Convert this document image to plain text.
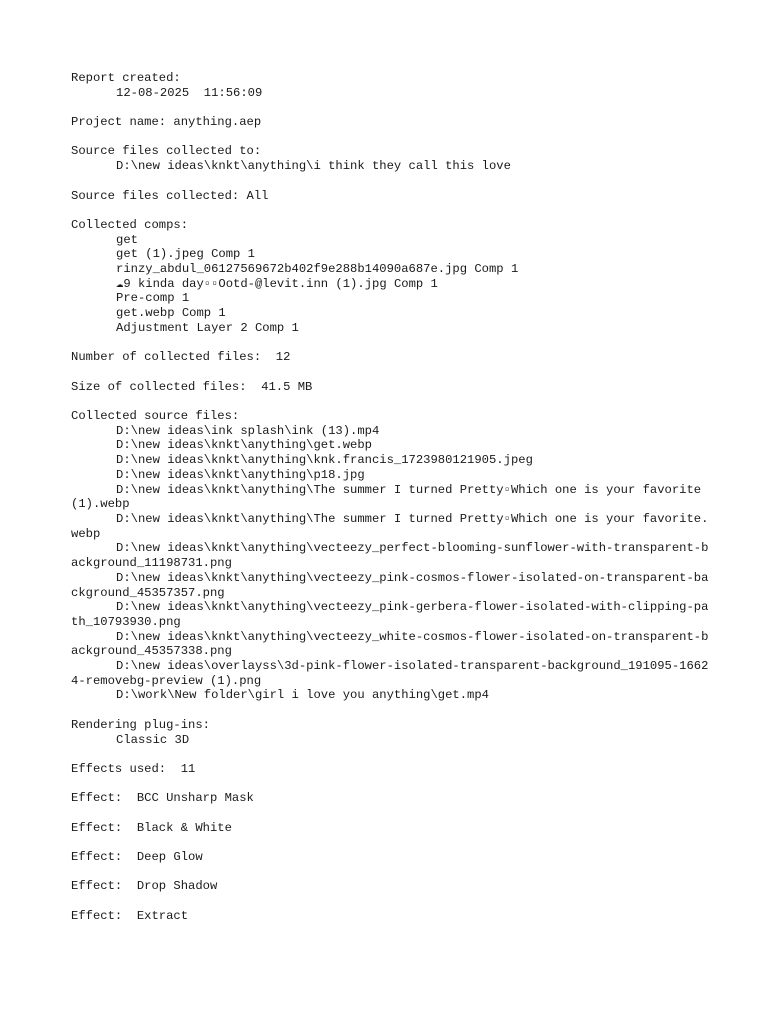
Report created:
12-08-2025  11:56:09
Project name: anything.aep
Source files collected to:
D:\new ideas\knkt\anything\i think they call this love
Source files collected: All
Collected comps:
get
get (1).jpeg Comp 1
rinzy_abdul_06127569672b402f9e288b14090a687e.jpg Comp 1
☁9 kinda day▫▫Ootd-@levit.inn (1).jpg Comp 1
Pre-comp 1
get.webp Comp 1
Adjustment Layer 2 Comp 1
Number of collected files:  12
Size of collected files:  41.5 MB
Collected source files:
D:\new ideas\ink splash\ink (13).mp4
D:\new ideas\knkt\anything\get.webp
D:\new ideas\knkt\anything\knk.francis_1723980121905.jpeg
D:\new ideas\knkt\anything\p18.jpg
D:\new ideas\knkt\anything\The summer I turned Pretty▫Which one is your favorite (1).webp
D:\new ideas\knkt\anything\The summer I turned Pretty▫Which one is your favorite.webp
D:\new ideas\knkt\anything\vecteezy_perfect-blooming-sunflower-with-transparent-background_11198731.png
D:\new ideas\knkt\anything\vecteezy_pink-cosmos-flower-isolated-on-transparent-background_45357357.png
D:\new ideas\knkt\anything\vecteezy_pink-gerbera-flower-isolated-with-clipping-path_10793930.png
D:\new ideas\knkt\anything\vecteezy_white-cosmos-flower-isolated-on-transparent-background_45357338.png
D:\new ideas\overlayss\3d-pink-flower-isolated-transparent-background_191095-16624-removebg-preview (1).png
D:\work\New folder\girl i love you anything\get.mp4
Rendering plug-ins:
Classic 3D
Effects used:  11
Effect:  BCC Unsharp Mask
Effect:  Black & White
Effect:  Deep Glow
Effect:  Drop Shadow
Effect:  Extract
